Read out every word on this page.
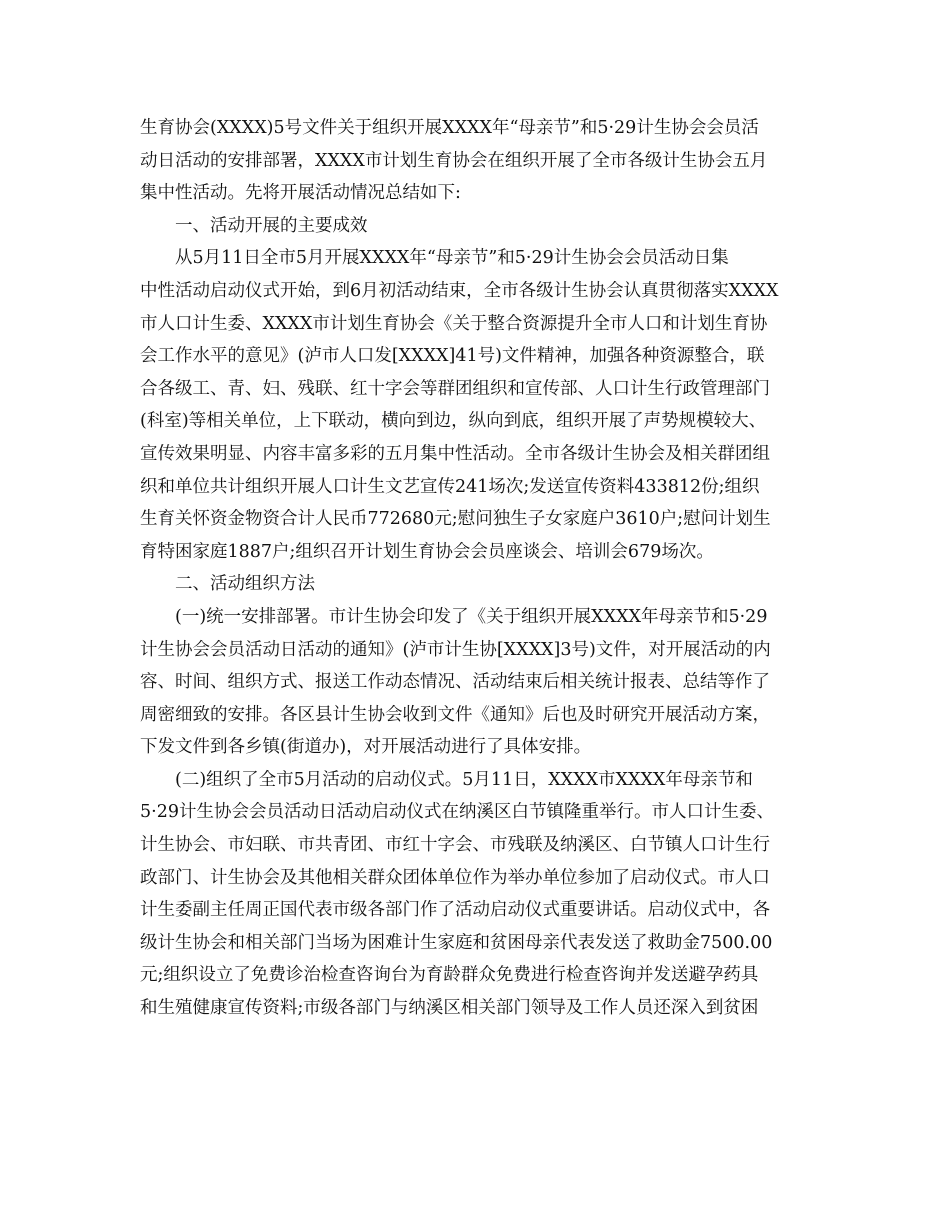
生育协会(XXXX)5号文件关于组织开展XXXX年“母亲节”和5·29计生协会会员活
动日活动的安排部署，XXXX市计划生育协会在组织开展了全市各级计生协会五月
集中性活动。先将开展活动情况总结如下:

一、活动开展的主要成效

从5月11日全市5月开展XXXX年“母亲节”和5·29计生协会会员活动日集
中性活动启动仪式开始，到6月初活动结束，全市各级计生协会认真贯彻落实XXXX
市人口计生委、XXXX市计划生育协会《关于整合资源提升全市人口和计划生育协
会工作水平的意见》(泸市人口发[XXXX]41号)文件精神，加强各种资源整合，联
合各级工、青、妇、残联、红十字会等群团组织和宣传部、人口计生行政管理部门
(科室)等相关单位，上下联动，横向到边，纵向到底，组织开展了声势规模较大、
宣传效果明显、内容丰富多彩的五月集中性活动。全市各级计生协会及相关群团组
织和单位共计组织开展人口计生文艺宣传241场次;发送宣传资料433812份;组织
生育关怀资金物资合计人民币772680元;慰问独生子女家庭户3610户;慰问计划生
育特困家庭1887户;组织召开计划生育协会会员座谈会、培训会679场次。

二、活动组织方法

(一)统一安排部署。市计生协会印发了《关于组织开展XXXX年母亲节和5·29
计生协会会员活动日活动的通知》(泸市计生协[XXXX]3号)文件，对开展活动的内
容、时间、组织方式、报送工作动态情况、活动结束后相关统计报表、总结等作了
周密细致的安排。各区县计生协会收到文件《通知》后也及时研究开展活动方案，
下发文件到各乡镇(街道办)，对开展活动进行了具体安排。

(二)组织了全市5月活动的启动仪式。5月11日，XXXX市XXXX年母亲节和
5·29计生协会会员活动日活动启动仪式在纳溪区白节镇隆重举行。市人口计生委、
计生协会、市妇联、市共青团、市红十字会、市残联及纳溪区、白节镇人口计生行
政部门、计生协会及其他相关群众团体单位作为举办单位参加了启动仪式。市人口
计生委副主任周正国代表市级各部门作了活动启动仪式重要讲话。启动仪式中，各
级计生协会和相关部门当场为困难计生家庭和贫困母亲代表发送了救助金7500.00
元;组织设立了免费诊治检查咨询台为育龄群众免费进行检查咨询并发送避孕药具
和生殖健康宣传资料;市级各部门与纳溪区相关部门领导及工作人员还深入到贫困
